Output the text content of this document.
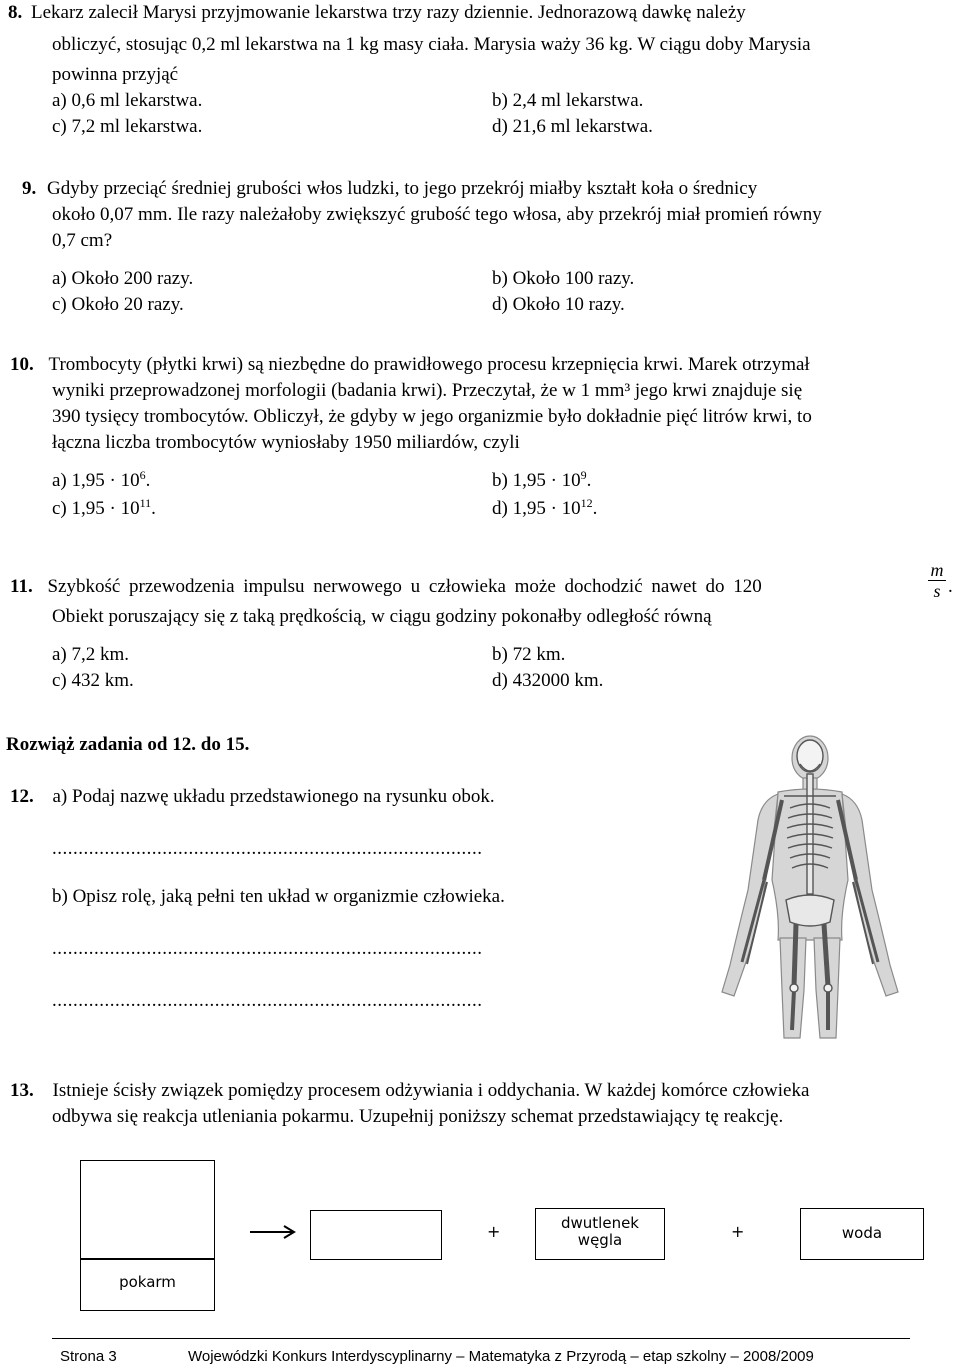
8. Lekarz zalecił Marysi przyjmowanie lekarstwa trzy razy dziennie. Jednorazową dawkę należy
obliczyć, stosując 0,2 ml lekarstwa na 1 kg masy ciała. Marysia waży 36 kg. W ciągu doby Marysia
powinna przyjąć
a) 0,6 ml lekarstwa.	b) 2,4 ml lekarstwa.
c) 7,2 ml lekarstwa.	d) 21,6 ml lekarstwa.
9. Gdyby przeciąć średniej grubości włos ludzki, to jego przekrój miałby kształt koła o średnicy
około 0,07 mm. Ile razy należałoby zwiększyć grubość tego włosa, aby przekrój miał promień równy
0,7 cm?
a) Około 200 razy.	b) Około 100 razy.
c) Około 20 razy.	d) Około 10 razy.
10. Trombocyty (płytki krwi) są niezbędne do prawidłowego procesu krzepnięcia krwi. Marek otrzymał
wyniki przeprowadzonej morfologii (badania krwi). Przeczytał, że w 1 mm³ jego krwi znajduje się
390 tysięcy trombocytów. Obliczył, że gdyby w jego organizmie było dokładnie pięć litrów krwi, to
łączna liczba trombocytów wyniosłaby 1950 miliardów, czyli
a) $1,95 \cdot 10^6$.	b) $1,95 \cdot 10^9$.
c) $1,95 \cdot 10^{11}$.	d) $1,95 \cdot 10^{12}$.
11. Szybkość przewodzenia impulsu nerwowego u człowieka może dochodzić nawet do 120
m
s .
Obiekt poruszający się z taką prędkością, w ciągu godziny pokonałby odległość równą
a) 7,2 km.	b) 72 km.
c) 432 km.	d) 432000 km.
Rozwiąż zadania od 12. do 15.
12. a) Podaj nazwę układu przedstawionego na rysunku obok.
..................................................................................
b) Opisz rolę, jaką pełni ten układ w organizmie człowieka.
..................................................................................
..................................................................................
13. Istnieje ścisły związek pomiędzy procesem odżywiania i oddychania. W każdej komórce człowieka
odbywa się reakcja utleniania pokarmu. Uzupełnij poniższy schemat przedstawiający tę reakcję.
pokarm
+	dwutlenek
węgla	+	woda
Strona 3	Wojewódzki Konkurs Interdyscyplinarny – Matematyka z Przyrodą – etap szkolny – 2008/2009
